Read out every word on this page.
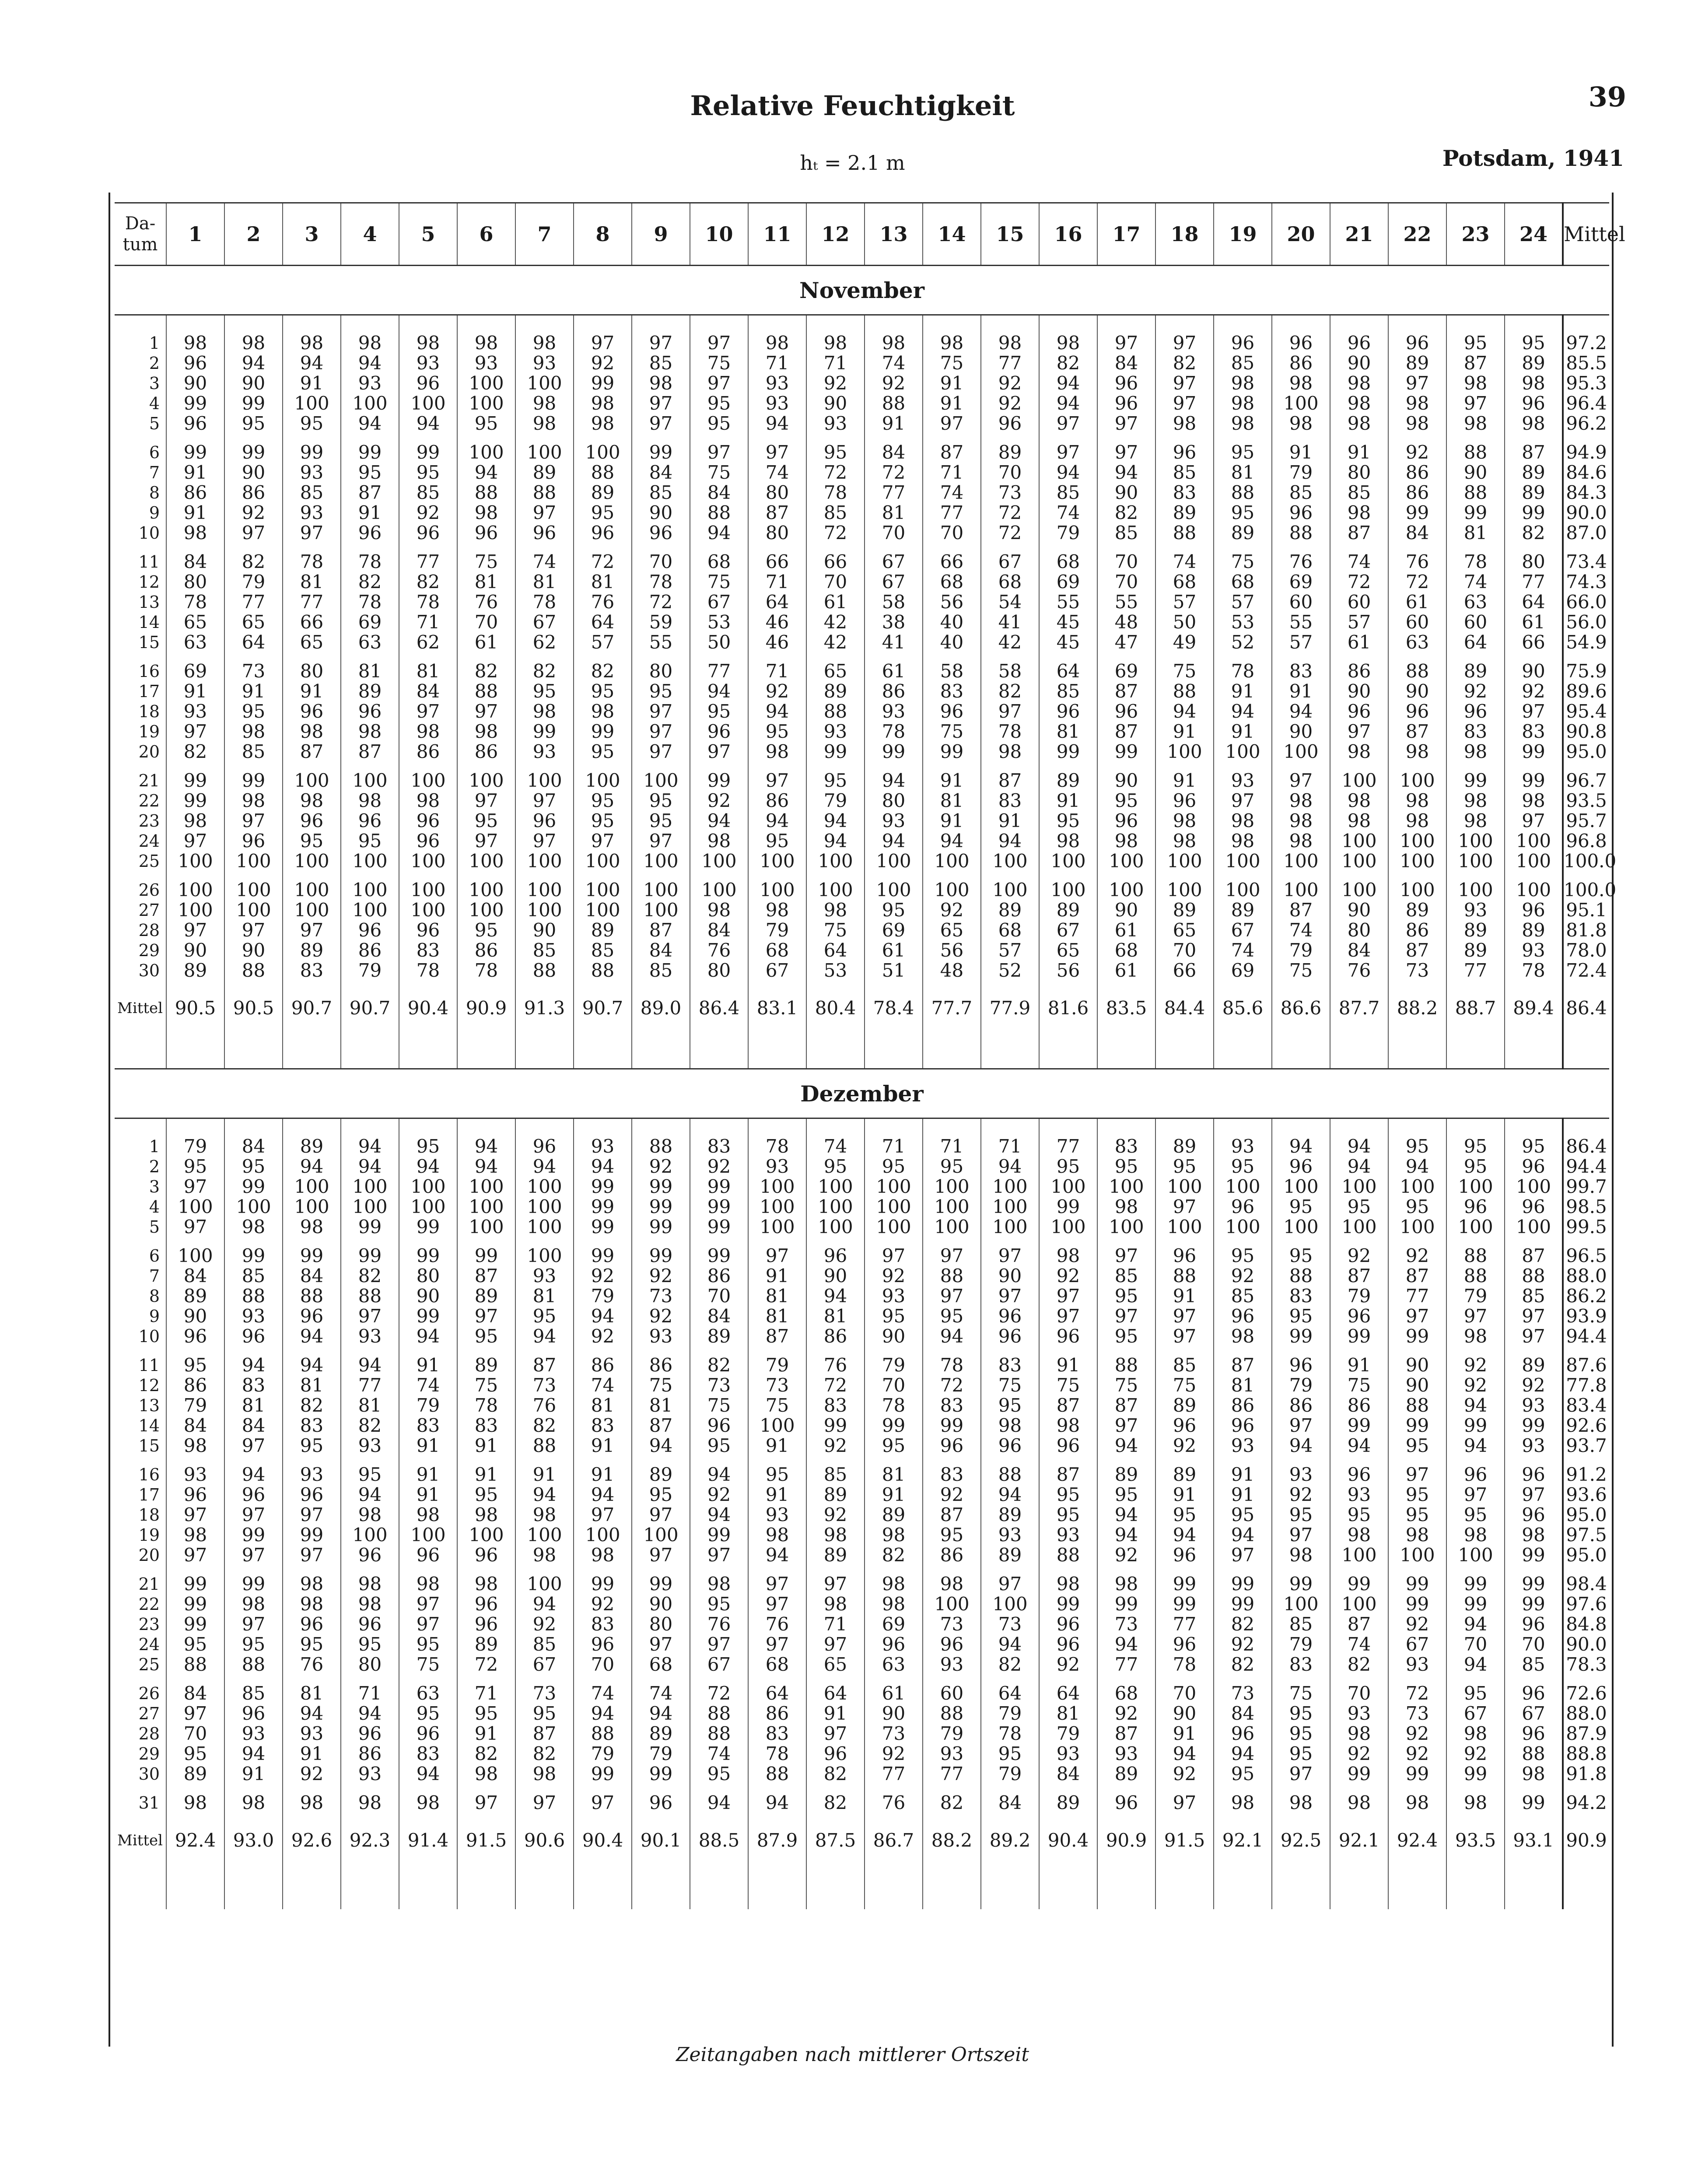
Relative Feuchtigkeit	39
hₜ = 2.1 m	Potsdam, 1941
Da-
tum	1	2	3	4	5	6	7	8	9	10	11	12	13	14	15	16	17	18	19	20	21	22	23	24	Mittel
November																									

1	98	98	98	98	98	98	98	97	97	97	98	98	98	98	98	98	97	97	96	96	96	96	95	95	97.2
2	96	94	94	94	93	93	93	92	85	75	71	71	74	75	77	82	84	82	85	86	90	89	87	89	85.5
3	90	90	91	93	96	100	100	99	98	97	93	92	92	91	92	94	96	97	98	98	98	97	98	98	95.3
4	99	99	100	100	100	100	98	98	97	95	93	90	88	91	92	94	96	97	98	100	98	98	97	96	96.4
5	96	95	95	94	94	95	98	98	97	95	94	93	91	97	96	97	97	98	98	98	98	98	98	98	96.2
6	99	99	99	99	99	100	100	100	99	97	97	95	84	87	89	97	97	96	95	91	91	92	88	87	94.9
7	91	90	93	95	95	94	89	88	84	75	74	72	72	71	70	94	94	85	81	79	80	86	90	89	84.6
8	86	86	85	87	85	88	88	89	85	84	80	78	77	74	73	85	90	83	88	85	85	86	88	89	84.3
9	91	92	93	91	92	98	97	95	90	88	87	85	81	77	72	74	82	89	95	96	98	99	99	99	90.0
10	98	97	97	96	96	96	96	96	96	94	80	72	70	70	72	79	85	88	89	88	87	84	81	82	87.0
11	84	82	78	78	77	75	74	72	70	68	66	66	67	66	67	68	70	74	75	76	74	76	78	80	73.4
12	80	79	81	82	82	81	81	81	78	75	71	70	67	68	68	69	70	68	68	69	72	72	74	77	74.3
13	78	77	77	78	78	76	78	76	72	67	64	61	58	56	54	55	55	57	57	60	60	61	63	64	66.0
14	65	65	66	69	71	70	67	64	59	53	46	42	38	40	41	45	48	50	53	55	57	60	60	61	56.0
15	63	64	65	63	62	61	62	57	55	50	46	42	41	40	42	45	47	49	52	57	61	63	64	66	54.9
16	69	73	80	81	81	82	82	82	80	77	71	65	61	58	58	64	69	75	78	83	86	88	89	90	75.9
17	91	91	91	89	84	88	95	95	95	94	92	89	86	83	82	85	87	88	91	91	90	90	92	92	89.6
18	93	95	96	96	97	97	98	98	97	95	94	88	93	96	97	96	96	94	94	94	96	96	96	97	95.4
19	97	98	98	98	98	98	99	99	97	96	95	93	78	75	78	81	87	91	91	90	97	87	83	83	90.8
20	82	85	87	87	86	86	93	95	97	97	98	99	99	99	98	99	99	100	100	100	98	98	98	99	95.0
21	99	99	100	100	100	100	100	100	100	99	97	95	94	91	87	89	90	91	93	97	100	100	99	99	96.7
22	99	98	98	98	98	97	97	95	95	92	86	79	80	81	83	91	95	96	97	98	98	98	98	98	93.5
23	98	97	96	96	96	95	96	95	95	94	94	94	93	91	91	95	96	98	98	98	98	98	98	97	95.7
24	97	96	95	95	96	97	97	97	97	98	95	94	94	94	94	98	98	98	98	98	100	100	100	100	96.8
25	100	100	100	100	100	100	100	100	100	100	100	100	100	100	100	100	100	100	100	100	100	100	100	100	100.0
26	100	100	100	100	100	100	100	100	100	100	100	100	100	100	100	100	100	100	100	100	100	100	100	100	100.0
27	100	100	100	100	100	100	100	100	100	98	98	98	95	92	89	89	90	89	89	87	90	89	93	96	95.1
28	97	97	97	96	96	95	90	89	87	84	79	75	69	65	68	67	61	65	67	74	80	86	89	89	81.8
29	90	90	89	86	83	86	85	85	84	76	68	64	61	56	57	65	68	70	74	79	84	87	89	93	78.0
30	89	88	83	79	78	78	88	88	85	80	67	53	51	48	52	56	61	66	69	75	76	73	77	78	72.4
Mittel	90.5	90.5	90.7	90.7	90.4	90.9	91.3	90.7	89.0	86.4	83.1	80.4	78.4	77.7	77.9	81.6	83.5	84.4	85.6	86.6	87.7	88.2	88.7	89.4	86.4

Dezember																									

1	79	84	89	94	95	94	96	93	88	83	78	74	71	71	71	77	83	89	93	94	94	95	95	95	86.4
2	95	95	94	94	94	94	94	94	92	92	93	95	95	95	94	95	95	95	95	96	94	94	95	96	94.4
3	97	99	100	100	100	100	100	99	99	99	100	100	100	100	100	100	100	100	100	100	100	100	100	100	99.7
4	100	100	100	100	100	100	100	99	99	99	100	100	100	100	100	99	98	97	96	95	95	95	96	96	98.5
5	97	98	98	99	99	100	100	99	99	99	100	100	100	100	100	100	100	100	100	100	100	100	100	100	99.5
6	100	99	99	99	99	99	100	99	99	99	97	96	97	97	97	98	97	96	95	95	92	92	88	87	96.5
7	84	85	84	82	80	87	93	92	92	86	91	90	92	88	90	92	85	88	92	88	87	87	88	88	88.0
8	89	88	88	88	90	89	81	79	73	70	81	94	93	97	97	97	95	91	85	83	79	77	79	85	86.2
9	90	93	96	97	99	97	95	94	92	84	81	81	95	95	96	97	97	97	96	95	96	97	97	97	93.9
10	96	96	94	93	94	95	94	92	93	89	87	86	90	94	96	96	95	97	98	99	99	99	98	97	94.4
11	95	94	94	94	91	89	87	86	86	82	79	76	79	78	83	91	88	85	87	96	91	90	92	89	87.6
12	86	83	81	77	74	75	73	74	75	73	73	72	70	72	75	75	75	75	81	79	75	90	92	92	77.8
13	79	81	82	81	79	78	76	81	81	75	75	83	78	83	95	87	87	89	86	86	86	88	94	93	83.4
14	84	84	83	82	83	83	82	83	87	96	100	99	99	99	98	98	97	96	96	97	99	99	99	99	92.6
15	98	97	95	93	91	91	88	91	94	95	91	92	95	96	96	96	94	92	93	94	94	95	94	93	93.7
16	93	94	93	95	91	91	91	91	89	94	95	85	81	83	88	87	89	89	91	93	96	97	96	96	91.2
17	96	96	96	94	91	95	94	94	95	92	91	89	91	92	94	95	95	91	91	92	93	95	97	97	93.6
18	97	97	97	98	98	98	98	97	97	94	93	92	89	87	89	95	94	95	95	95	95	95	95	96	95.0
19	98	99	99	100	100	100	100	100	100	99	98	98	98	95	93	93	94	94	94	97	98	98	98	98	97.5
20	97	97	97	96	96	96	98	98	97	97	94	89	82	86	89	88	92	96	97	98	100	100	100	99	95.0
21	99	99	98	98	98	98	100	99	99	98	97	97	98	98	97	98	98	99	99	99	99	99	99	99	98.4
22	99	98	98	98	97	96	94	92	90	95	97	98	98	100	100	99	99	99	99	100	100	99	99	99	97.6
23	99	97	96	96	97	96	92	83	80	76	76	71	69	73	73	96	73	77	82	85	87	92	94	96	84.8
24	95	95	95	95	95	89	85	96	97	97	97	97	96	96	94	96	94	96	92	79	74	67	70	70	90.0
25	88	88	76	80	75	72	67	70	68	67	68	65	63	93	82	92	77	78	82	83	82	93	94	85	78.3
26	84	85	81	71	63	71	73	74	74	72	64	64	61	60	64	64	68	70	73	75	70	72	95	96	72.6
27	97	96	94	94	95	95	95	94	94	88	86	91	90	88	79	81	92	90	84	95	93	73	67	67	88.0
28	70	93	93	96	96	91	87	88	89	88	83	97	73	79	78	79	87	91	96	95	98	92	98	96	87.9
29	95	94	91	86	83	82	82	79	79	74	78	96	92	93	95	93	93	94	94	95	92	92	92	88	88.8
30	89	91	92	93	94	98	98	99	99	95	88	82	77	77	79	84	89	92	95	97	99	99	99	98	91.8
31	98	98	98	98	98	97	97	97	96	94	94	82	76	82	84	89	96	97	98	98	98	98	98	99	94.2
Mittel	92.4	93.0	92.6	92.3	91.4	91.5	90.6	90.4	90.1	88.5	87.9	87.5	86.7	88.2	89.2	90.4	90.9	91.5	92.1	92.5	92.1	92.4	93.5	93.1	90.9

Zeitangaben nach mittlerer Ortszeit
